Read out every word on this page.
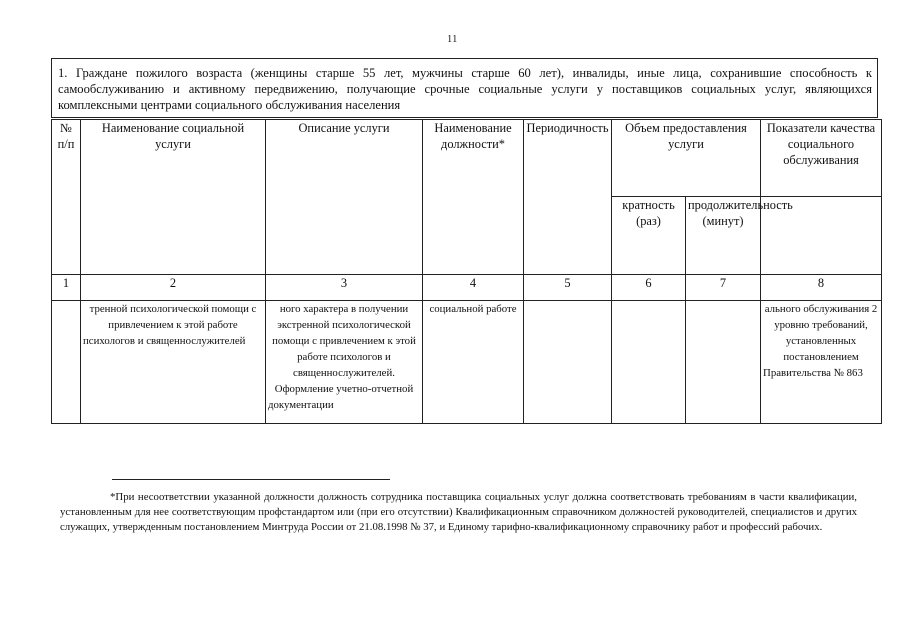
11
1. Граждане пожилого возраста (женщины старше 55 лет, мужчины старше 60 лет), инвалиды, иные лица, сохранившие способность к самообслуживанию и активному передвижению, получающие срочные социальные услуги у поставщиков социальных услуг, являющихся комплексными центрами социального обслуживания населения
№ п/п	Наименование социальной услуги	Описание услуги	Наименование должности*	Периодичность	Объем предоставления услуги		Показатели качества социального обслуживания
					кратность (раз)	продолжительность (минут)	
1	2	3	4	5	6	7	8
	тренной психологической помощи с привлечением к этой работе психологов и священнослужителей	ного характера в получении экстренной психологической помощи с привлечением к этой работе психологов и священнослужителей. Оформление учетно-отчетной документации	социальной работе				ального обслуживания 2 уровню требований, установленных постановлением Правительства № 863
*При несоответствии указанной должности должность сотрудника поставщика социальных услуг должна соответствовать требованиям в части квалификации, установленным для нее соответствующим профстандартом или (при его отсутствии) Квалификационным справочником должностей руководителей, специалистов и других служащих, утвержденным постановлением Минтруда России от 21.08.1998 № 37, и Единому тарифно-квалификационному справочнику работ и профессий рабочих.
